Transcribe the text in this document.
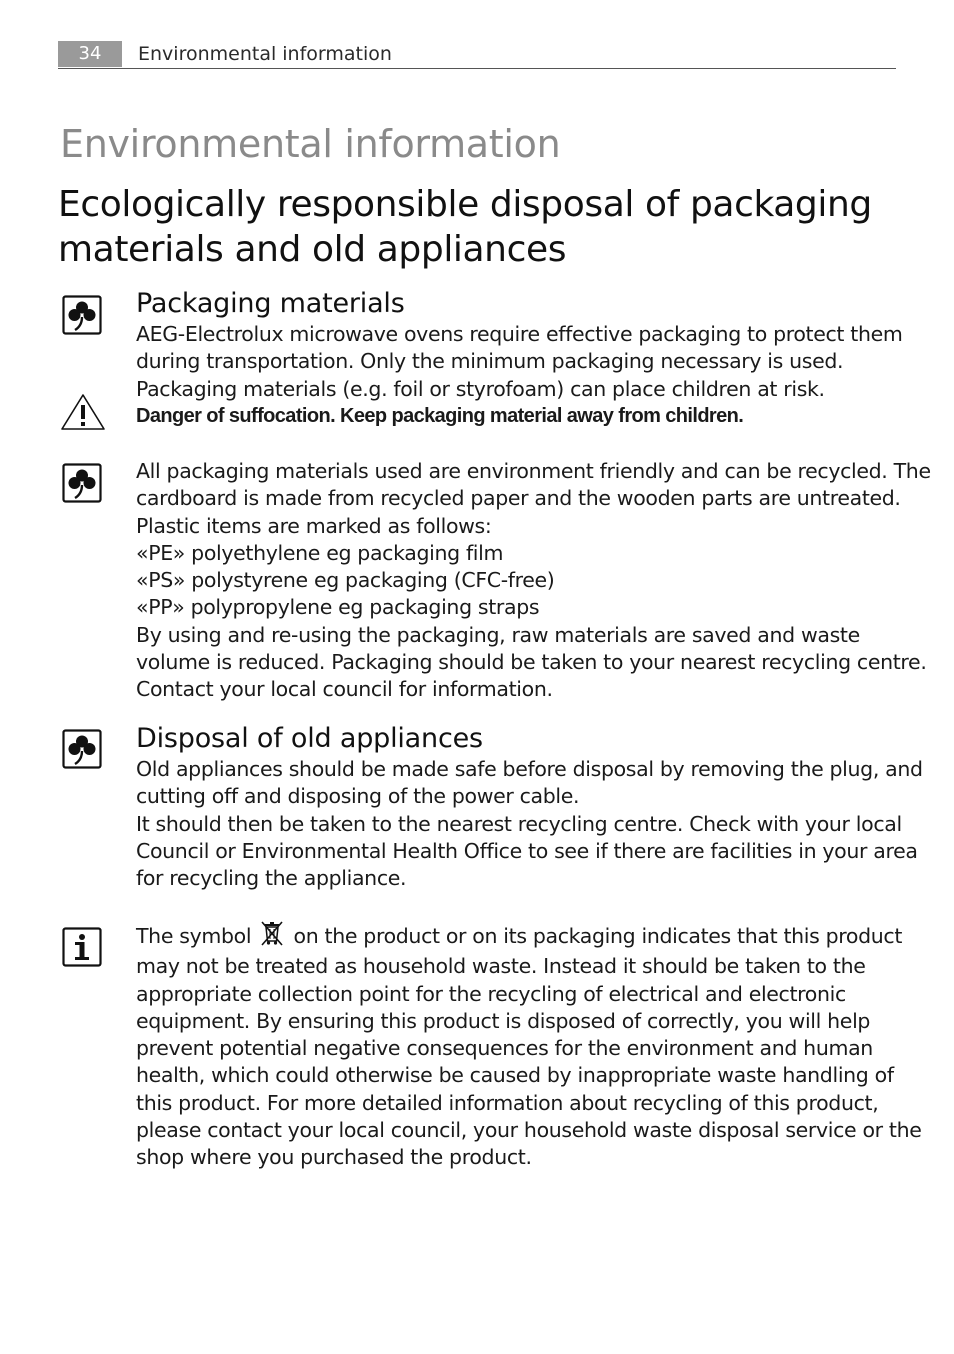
34	Environmental information
Environmental information
Ecologically responsible disposal of packaging
materials and old appliances
Packaging materials
AEG-Electrolux microwave ovens require effective packaging to protect them
during transportation. Only the minimum packaging necessary is used.
Packaging materials (e.g. foil or styrofoam) can place children at risk.
Danger of suffocation. Keep packaging material away from children.
All packaging materials used are environment friendly and can be recycled. The
cardboard is made from recycled paper and the wooden parts are untreated.
Plastic items are marked as follows:
«PE» polyethylene eg packaging film
«PS» polystyrene eg packaging (CFC-free)
«PP» polypropylene eg packaging straps
By using and re-using the packaging, raw materials are saved and waste
volume is reduced. Packaging should be taken to your nearest recycling centre.
Contact your local council for information.
Disposal of old appliances
Old appliances should be made safe before disposal by removing the plug, and
cutting off and disposing of the power cable.
It should then be taken to the nearest recycling centre. Check with your local
Council or Environmental Health Office to see if there are facilities in your area
for recycling the appliance.
The symbol on the product or on its packaging indicates that this product
may not be treated as household waste. Instead it should be taken to the
appropriate collection point for the recycling of electrical and electronic
equipment. By ensuring this product is disposed of correctly, you will help
prevent potential negative consequences for the environment and human
health, which could otherwise be caused by inappropriate waste handling of
this product. For more detailed information about recycling of this product,
please contact your local council, your household waste disposal service or the
shop where you purchased the product.
